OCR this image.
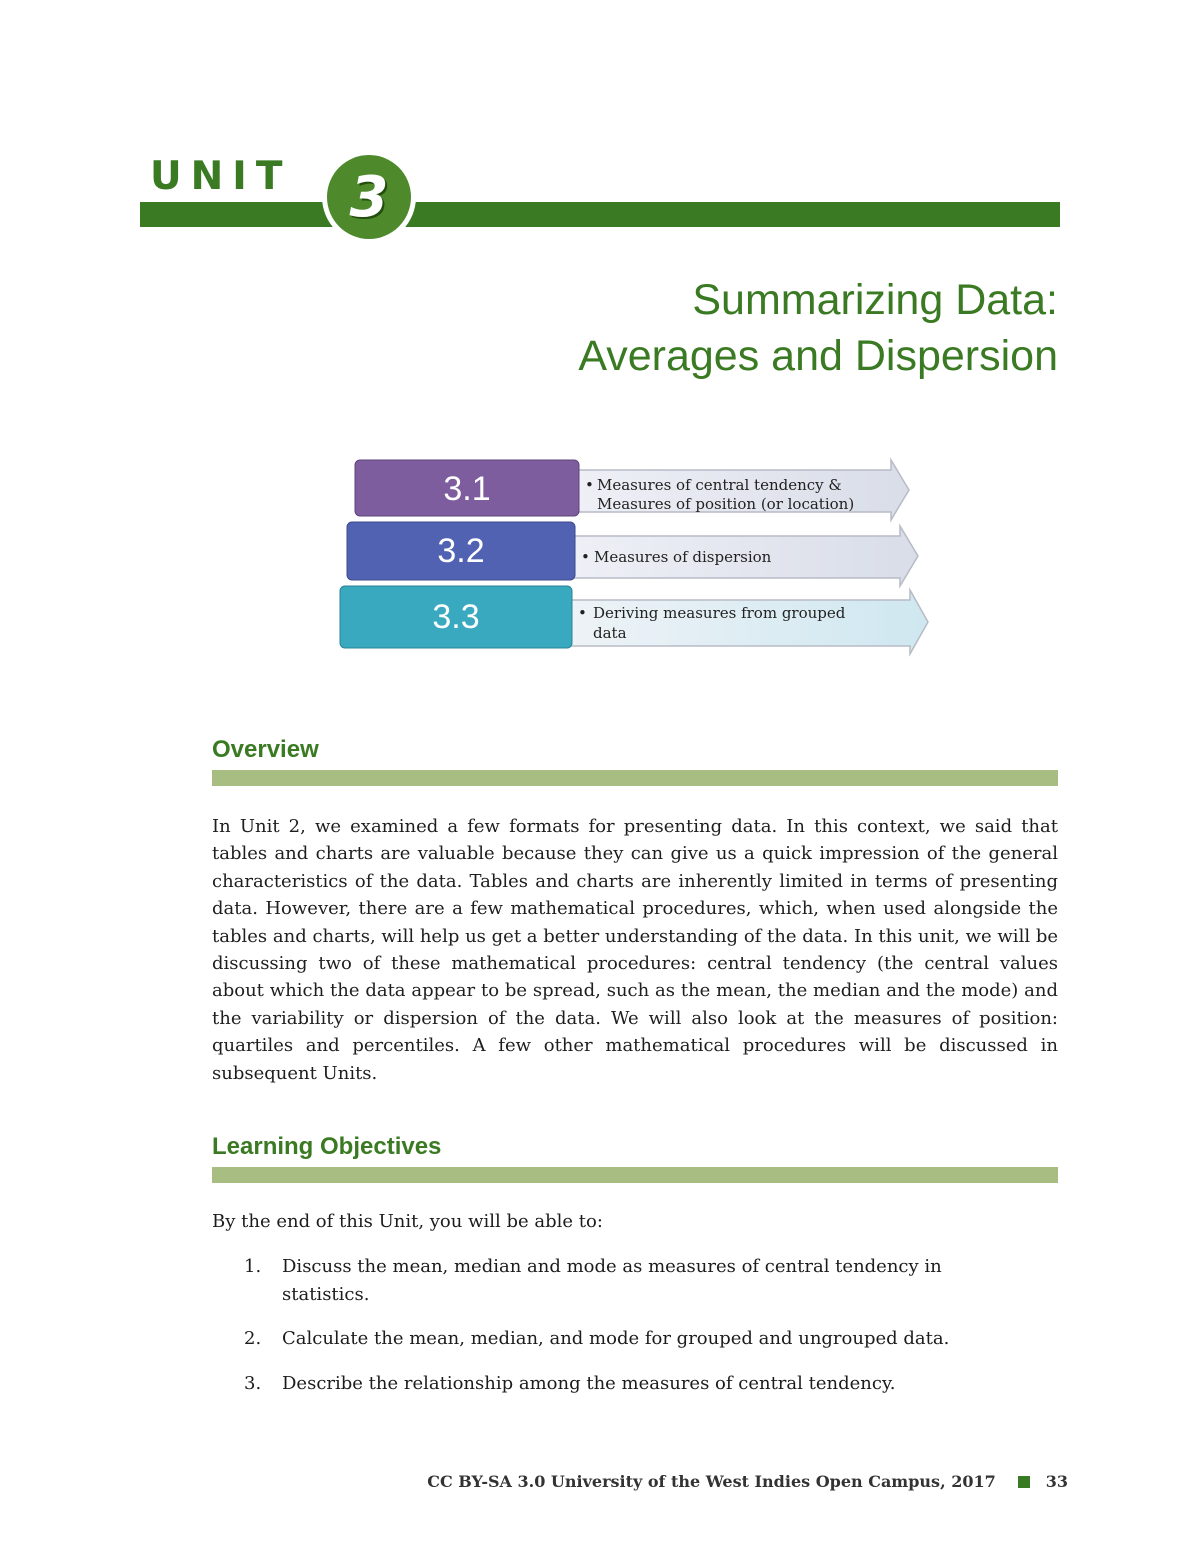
UNIT 3
Summarizing Data:
Averages and Dispersion
3.1	• Measures of central tendency &
Measures of position (or location)
3.2	• Measures of dispersion
3.3	• Deriving measures from grouped
data
Overview
In Unit 2, we examined a few formats for presenting data. In this context, we said that tables and charts are valuable because they can give us a quick impression of the general characteristics of the data. Tables and charts are inherently limited in terms of presenting data. However, there are a few mathematical procedures, which, when used alongside the tables and charts, will help us get a better understanding of the data. In this unit, we will be discussing two of these mathematical procedures: central tendency (the central values about which the data appear to be spread, such as the mean, the median and the mode) and the variability or dispersion of the data. We will also look at the measures of position: quartiles and percentiles. A few other mathematical procedures will be discussed in subsequent Units.
Learning Objectives
By the end of this Unit, you will be able to:
1. Discuss the mean, median and mode as measures of central tendency in statistics.
2. Calculate the mean, median, and mode for grouped and ungrouped data.
3. Describe the relationship among the measures of central tendency.
CC BY-SA 3.0 University of the West Indies Open Campus, 2017	33
